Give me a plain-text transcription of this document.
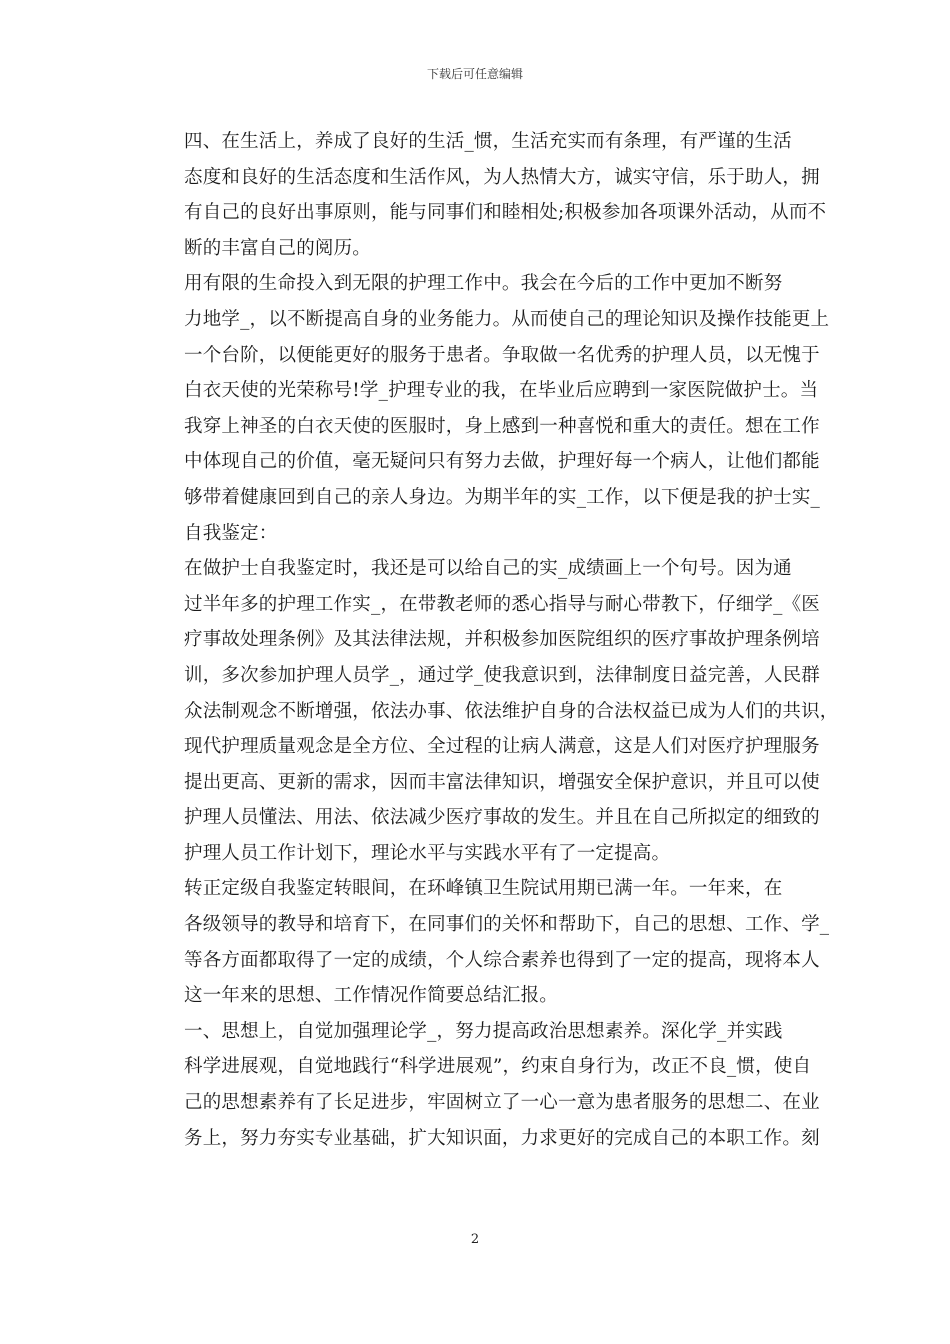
下载后可任意编辑

四、在生活上，养成了良好的生活_惯，生活充实而有条理，有严谨的生活
态度和良好的生活态度和生活作风，为人热情大方，诚实守信，乐于助人，拥
有自己的良好出事原则，能与同事们和睦相处;积极参加各项课外活动，从而不
断的丰富自己的阅历。

用有限的生命投入到无限的护理工作中。我会在今后的工作中更加不断努
力地学_，以不断提高自身的业务能力。从而使自己的理论知识及操作技能更上
一个台阶，以便能更好的服务于患者。争取做一名优秀的护理人员，以无愧于
白衣天使的光荣称号!学_护理专业的我，在毕业后应聘到一家医院做护士。当
我穿上神圣的白衣天使的医服时，身上感到一种喜悦和重大的责任。想在工作
中体现自己的价值，毫无疑问只有努力去做，护理好每一个病人，让他们都能
够带着健康回到自己的亲人身边。为期半年的实_工作，以下便是我的护士实_
自我鉴定：

在做护士自我鉴定时，我还是可以给自己的实_成绩画上一个句号。因为通
过半年多的护理工作实_，在带教老师的悉心指导与耐心带教下，仔细学_《医
疗事故处理条例》及其法律法规，并积极参加医院组织的医疗事故护理条例培
训，多次参加护理人员学_，通过学_使我意识到，法律制度日益完善，人民群
众法制观念不断增强，依法办事、依法维护自身的合法权益已成为人们的共识，
现代护理质量观念是全方位、全过程的让病人满意，这是人们对医疗护理服务
提出更高、更新的需求，因而丰富法律知识，增强安全保护意识，并且可以使
护理人员懂法、用法、依法减少医疗事故的发生。并且在自己所拟定的细致的
护理人员工作计划下，理论水平与实践水平有了一定提高。

转正定级自我鉴定转眼间，在环峰镇卫生院试用期已满一年。一年来，在
各级领导的教导和培育下，在同事们的关怀和帮助下，自己的思想、工作、学_
等各方面都取得了一定的成绩，个人综合素养也得到了一定的提高，现将本人
这一年来的思想、工作情况作简要总结汇报。

一、思想上，自觉加强理论学_，努力提高政治思想素养。深化学_并实践
科学进展观，自觉地践行“科学进展观”，约束自身行为，改正不良_惯，使自
己的思想素养有了长足进步，牢固树立了一心一意为患者服务的思想二、在业
务上，努力夯实专业基础，扩大知识面，力求更好的完成自己的本职工作。刻

2
